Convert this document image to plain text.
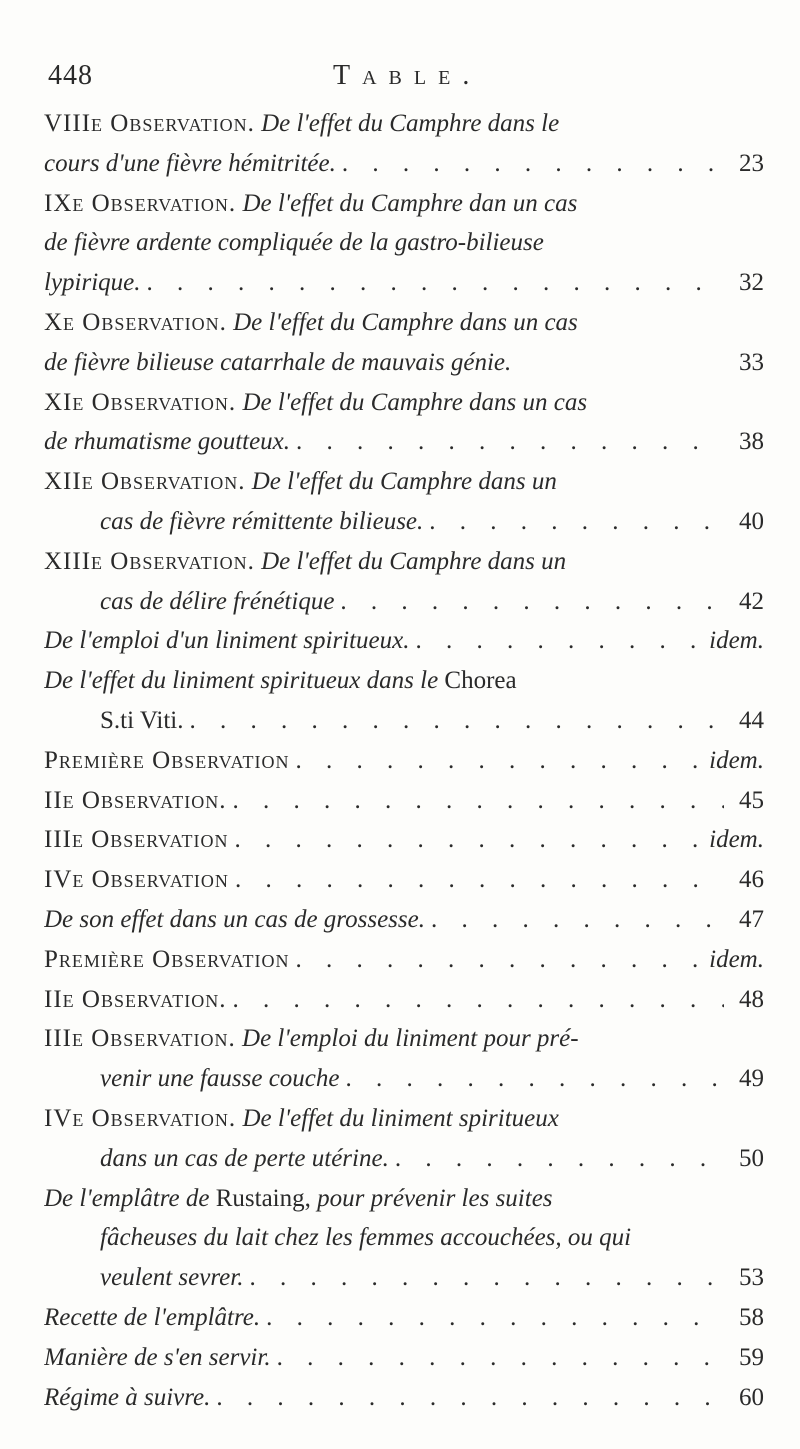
448	Table.
VIIIe Observation. De l'effet du Camphre dans le
cours d'une fièvre hémitritée. . . .	23
IXe Observation. De l'effet du Camphre dan un cas
de fièvre ardente compliquée de la gastro-bilieuse
lypirique. . . .	32
Xe Observation. De l'effet du Camphre dans un cas
de fièvre bilieuse catarrhale de mauvais génie.	33
XIe Observation. De l'effet du Camphre dans un cas
de rhumatisme goutteux. . . .	38
XIIe Observation. De l'effet du Camphre dans un
cas de fièvre rémittente bilieuse. . . .	40
XIIIe Observation. De l'effet du Camphre dans un
cas de délire frénétique . . .	42
De l'emploi d'un liniment spiritueux. . . .	idem.
De l'effet du liniment spiritueux dans le Chorea
S.ti Viti. . . .	44
Première Observation . . .	idem.
IIe Observation. . . .	45
IIIe Observation . . .	idem.
IVe Observation . . .	46
De son effet dans un cas de grossesse. . . .	47
Première Observation . . .	idem.
IIe Observation. . . .	48
IIIe Observation. De l'emploi du liniment pour pré-
venir une fausse couche . . .	49
IVe Observation. De l'effet du liniment spiritueux
dans un cas de perte utérine. . . .	50
De l'emplâtre de Rustaing, pour prévenir les suites
fâcheuses du lait chez les femmes accouchées, ou qui
veulent sevrer. . . .	53
Recette de l'emplâtre. . . .	58
Manière de s'en servir. . . .	59
Régime à suivre. . . .	60
